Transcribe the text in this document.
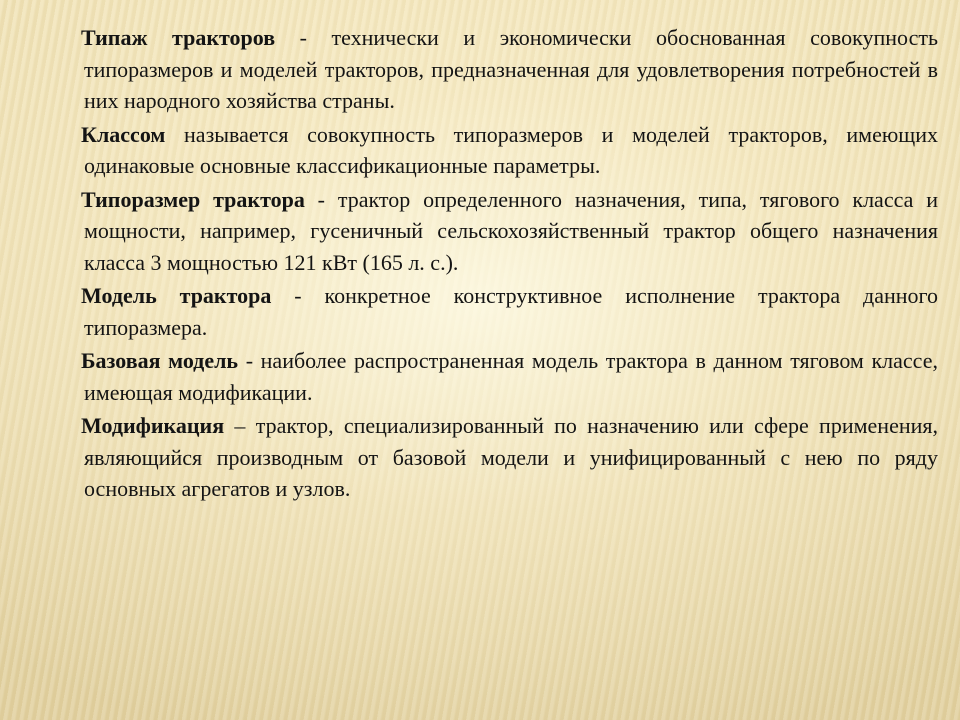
Типаж тракторов - технически и экономически обоснованная совокупность типоразмеров и моделей тракторов, предназначенная для удовлетворения потребностей в них народного хозяйства страны.

Классом называется совокупность типоразмеров и моделей тракторов, имеющих одинаковые основные классификационные параметры.

Типоразмер трактора - трактор определенного назначения, типа, тягового класса и мощности, например, гусеничный сельскохозяйственный трактор общего назначения класса 3 мощностью 121 кВт (165 л. с.).

Модель трактора - конкретное конструктивное исполнение трактора данного типоразмера.

Базовая модель - наиболее распространенная модель трактора в данном тяговом классе, имеющая модификации.

Модификация – трактор, специализированный по назначению или сфере применения, являющийся производным от базовой модели и унифицированный с нею по ряду основных агрегатов и узлов.
